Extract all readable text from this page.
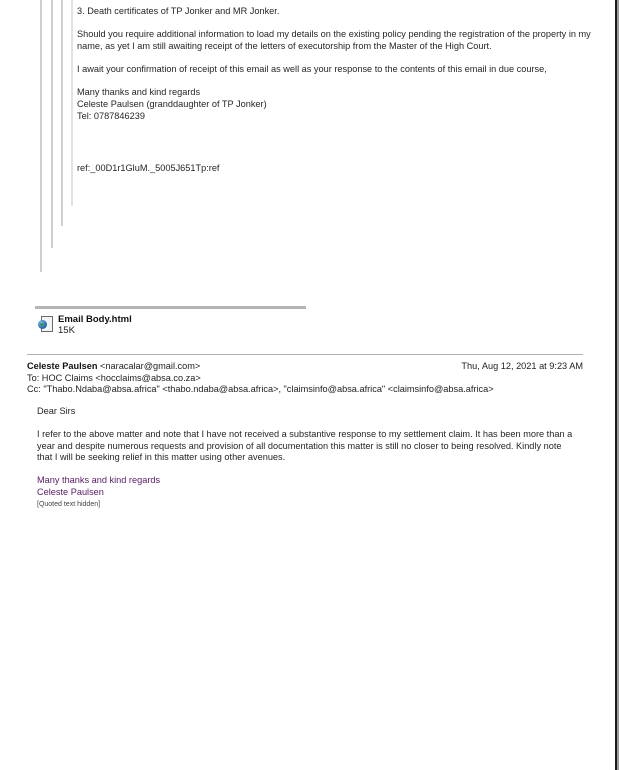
3. Death certificates of TP Jonker and MR Jonker.

Should you require additional information to load my details on the existing policy pending the registration of the property in my name, as yet I am still awaiting receipt of the letters of executorship from the Master of the High Court.

I await your confirmation of receipt of this email as well as your response to the contents of this email in due course,

Many thanks and kind regards
Celeste Paulsen (granddaughter of TP Jonker)
Tel: 0787846239
ref:_00D1r1GluM._5005J651Tp:ref
Email Body.html
15K
Celeste Paulsen <naracalar@gmail.com>	Thu, Aug 12, 2021 at 9:23 AM
To: HOC Claims <hocclaims@absa.co.za>
Cc: "Thabo.Ndaba@absa.africa" <thabo.ndaba@absa.africa>, "claimsinfo@absa.africa" <claimsinfo@absa.africa>

Dear Sirs

I refer to the above matter and note that I have not received a substantive response to my settlement claim. It has been more than a year and despite numerous requests and provision of all documentation this matter is still no closer to being resolved. Kindly note that I will be seeking relief in this matter using other avenues.

Many thanks and kind regards
Celeste Paulsen
[Quoted text hidden]
